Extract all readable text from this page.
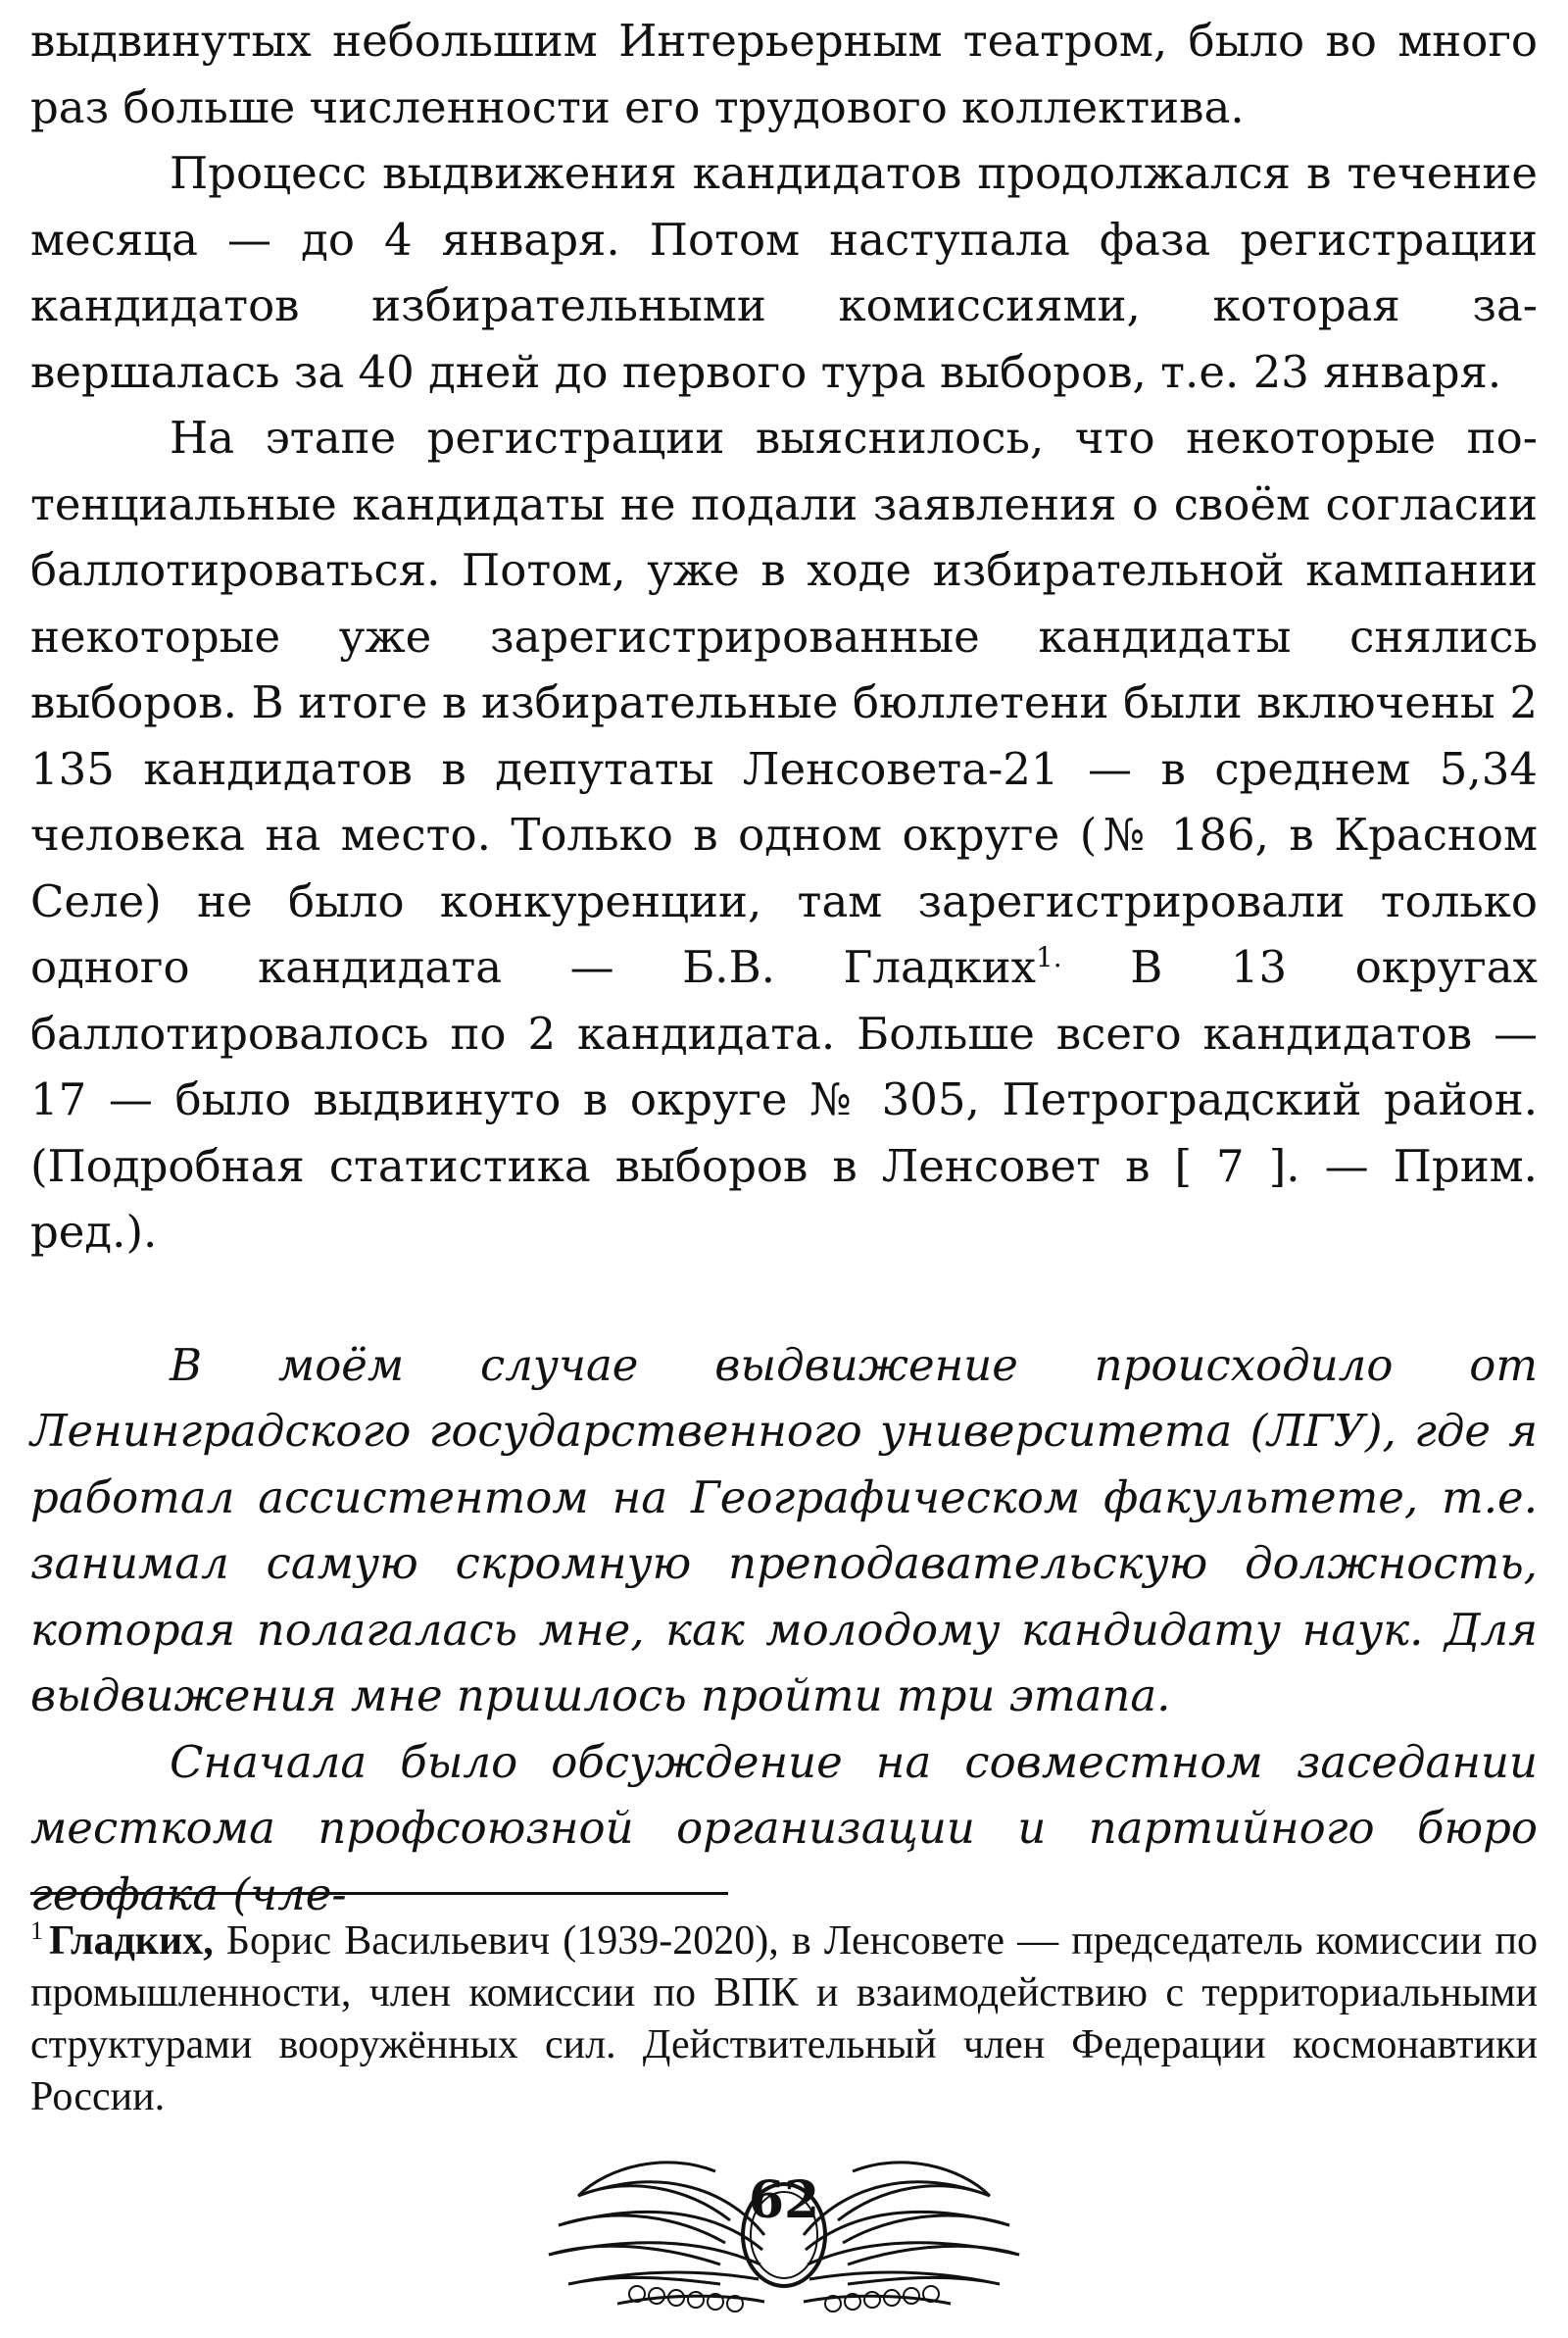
выдвинутых небольшим Интерьерным театром, было во много раз больше численности его трудового коллектива.

Процесс выдвижения кандидатов продолжался в течение месяца — до 4 января. Потом наступала фаза регистрации кандидатов избирательными комиссиями, которая завершалась за 40 дней до первого тура выборов, т.е. 23 января.

На этапе регистрации выяснилось, что некоторые потенциальные кандидаты не подали заявления о своём согласии баллотироваться. Потом, уже в ходе избирательной кампании некоторые уже зарегистрированные кандидаты снялись выборов. В итоге в избирательные бюллетени были включены 2 135 кандидатов в депутаты Ленсовета-21 — в среднем 5,34 человека на место. Только в одном округе (№ 186, в Красном Селе) не было конкуренции, там зарегистрировали только одного кандидата — Б.В. Гладких$^{1.}$ В 13 округах баллотировалось по 2 кандидата. Больше всего кандидатов — 17 — было выдвинуто в округе № 305, Петроградский район. (Подробная статистика выборов в Ленсовет в [ 7 ]. — Прим. ред.).

В моём случае выдвижение происходило от Ленинградского государственного университета (ЛГУ), где я работал ассистентом на Географическом факультете, т.е. занимал самую скромную преподавательскую должность, которая полагалась мне, как молодому кандидату наук. Для выдвижения мне пришлось пройти три этапа.

Сначала было обсуждение на совместном заседании месткома профсоюзной организации и партийного бюро геофака (чле-

$^1$ Гладких, Борис Васильевич (1939-2020), в Ленсовете — председатель комиссии по промышленности, член комиссии по ВПК и взаимодействию с территориальными структурами вооружённых сил. Действительный член Федерации космонавтики России.
62
